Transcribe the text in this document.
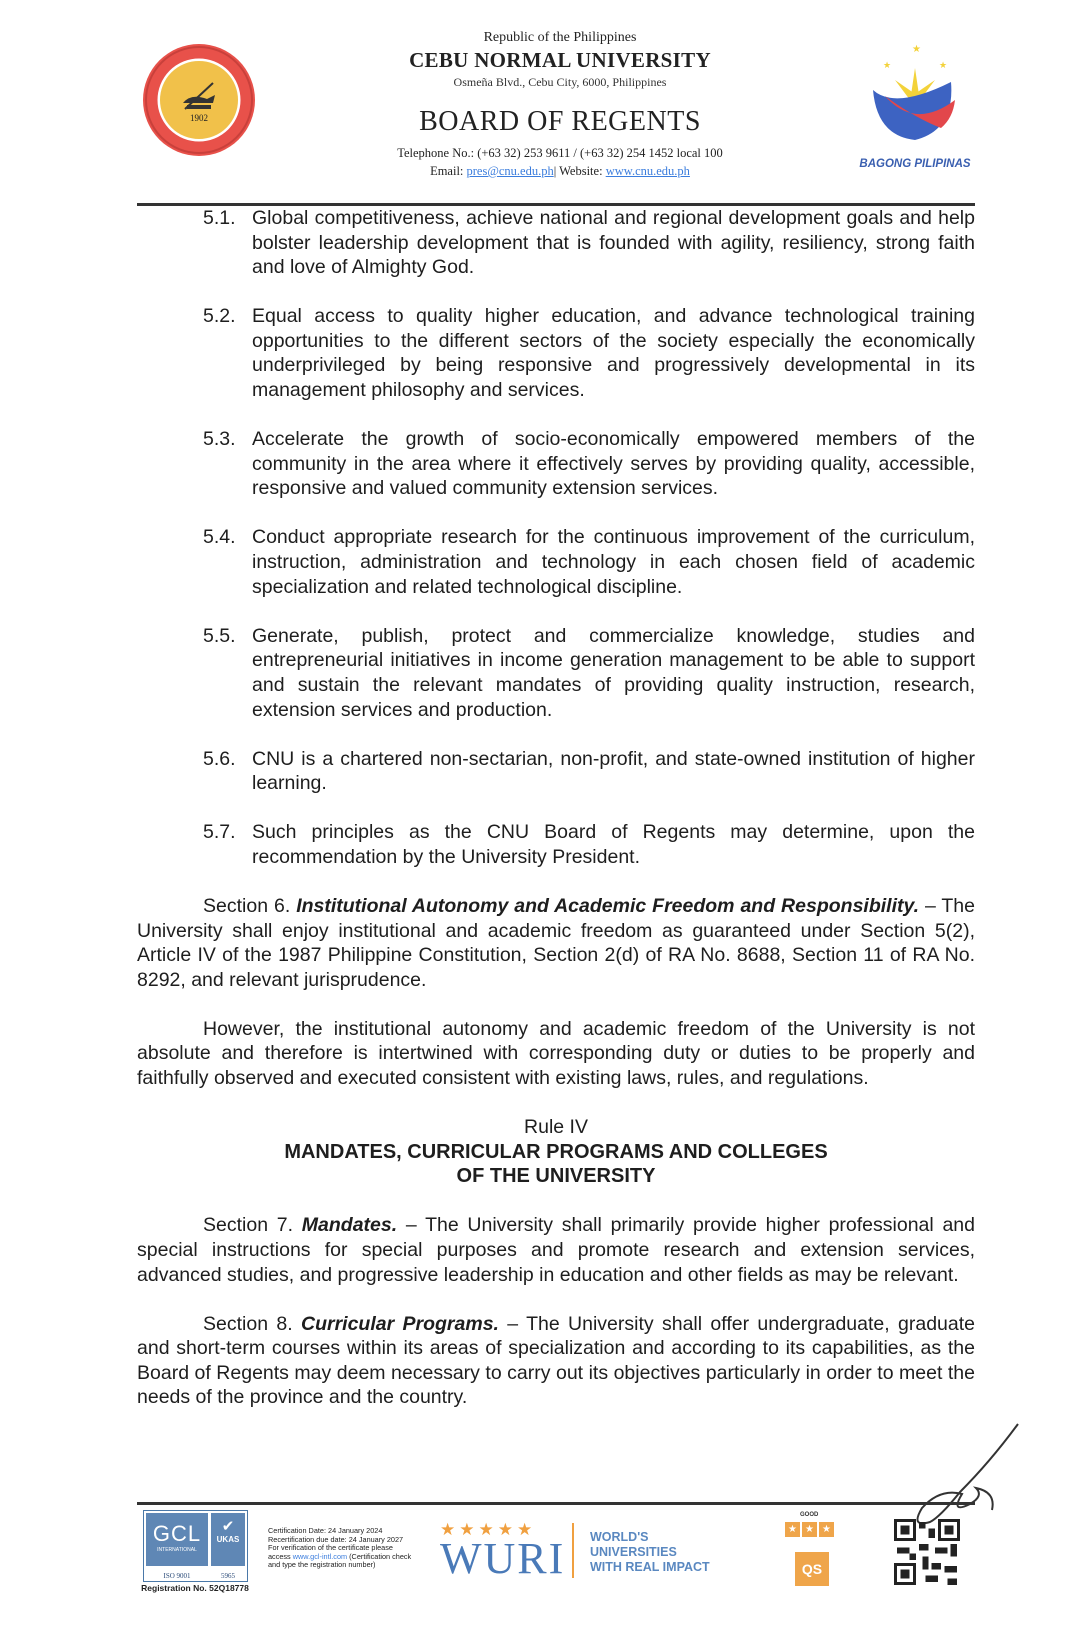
1902
Republic of the Philippines
CEBU NORMAL UNIVERSITY
Osmeña Blvd., Cebu City, 6000, Philippines
BOARD OF REGENTS
Telephone No.: (+63 32) 253 9611 / (+63 32) 254 1452 local 100
Email: pres@cnu.edu.ph| Website: www.cnu.edu.ph
★
★	★
BAGONG PILIPINAS
5.1. Global competitiveness, achieve national and regional development goals and help bolster leadership development that is founded with agility, resiliency, strong faith and love of Almighty God.
5.2. Equal access to quality higher education, and advance technological training opportunities to the different sectors of the society especially the economically underprivileged by being responsive and progressively developmental in its management philosophy and services.
5.3. Accelerate the growth of socio-economically empowered members of the community in the area where it effectively serves by providing quality, accessible, responsive and valued community extension services.
5.4. Conduct appropriate research for the continuous improvement of the curriculum, instruction, administration and technology in each chosen field of academic specialization and related technological discipline.
5.5. Generate, publish, protect and commercialize knowledge, studies and entrepreneurial initiatives in income generation management to be able to support and sustain the relevant mandates of providing quality instruction, research, extension services and production.
5.6. CNU is a chartered non-sectarian, non-profit, and state-owned institution of higher learning.
5.7. Such principles as the CNU Board of Regents may determine, upon the recommendation by the University President.
Section 6. Institutional Autonomy and Academic Freedom and Responsibility. – The University shall enjoy institutional and academic freedom as guaranteed under Section 5(2), Article IV of the 1987 Philippine Constitution, Section 2(d) of RA No. 8688, Section 11 of RA No. 8292, and relevant jurisprudence.
However, the institutional autonomy and academic freedom of the University is not absolute and therefore is intertwined with corresponding duty or duties to be properly and faithfully observed and executed consistent with existing laws, rules, and regulations.
Rule IV
MANDATES, CURRICULAR PROGRAMS AND COLLEGES
OF THE UNIVERSITY
Section 7. Mandates. – The University shall primarily provide higher professional and special instructions for special purposes and promote research and extension services, advanced studies, and progressive leadership in education and other fields as may be relevant.
Section 8. Curricular Programs. – The University shall offer undergraduate, graduate and short-term courses within its areas of specialization and according to its capabilities, as the Board of Regents may deem necessary to carry out its objectives particularly in order to meet the needs of the province and the country.
GCL
INTERNATIONAL
✔
UKAS
ISO 9001	5965
Registration No. 52Q18778
Certification Date: 24 January 2024
Recertification due date: 24 January 2027
For verification of the certificate please
access www.gcl-intl.com (Certification check and type the registration number)
★★★★★
WURI WORLD'S
UNIVERSITIES
WITH REAL IMPACT
GOOD
★ ★ ★
QS
